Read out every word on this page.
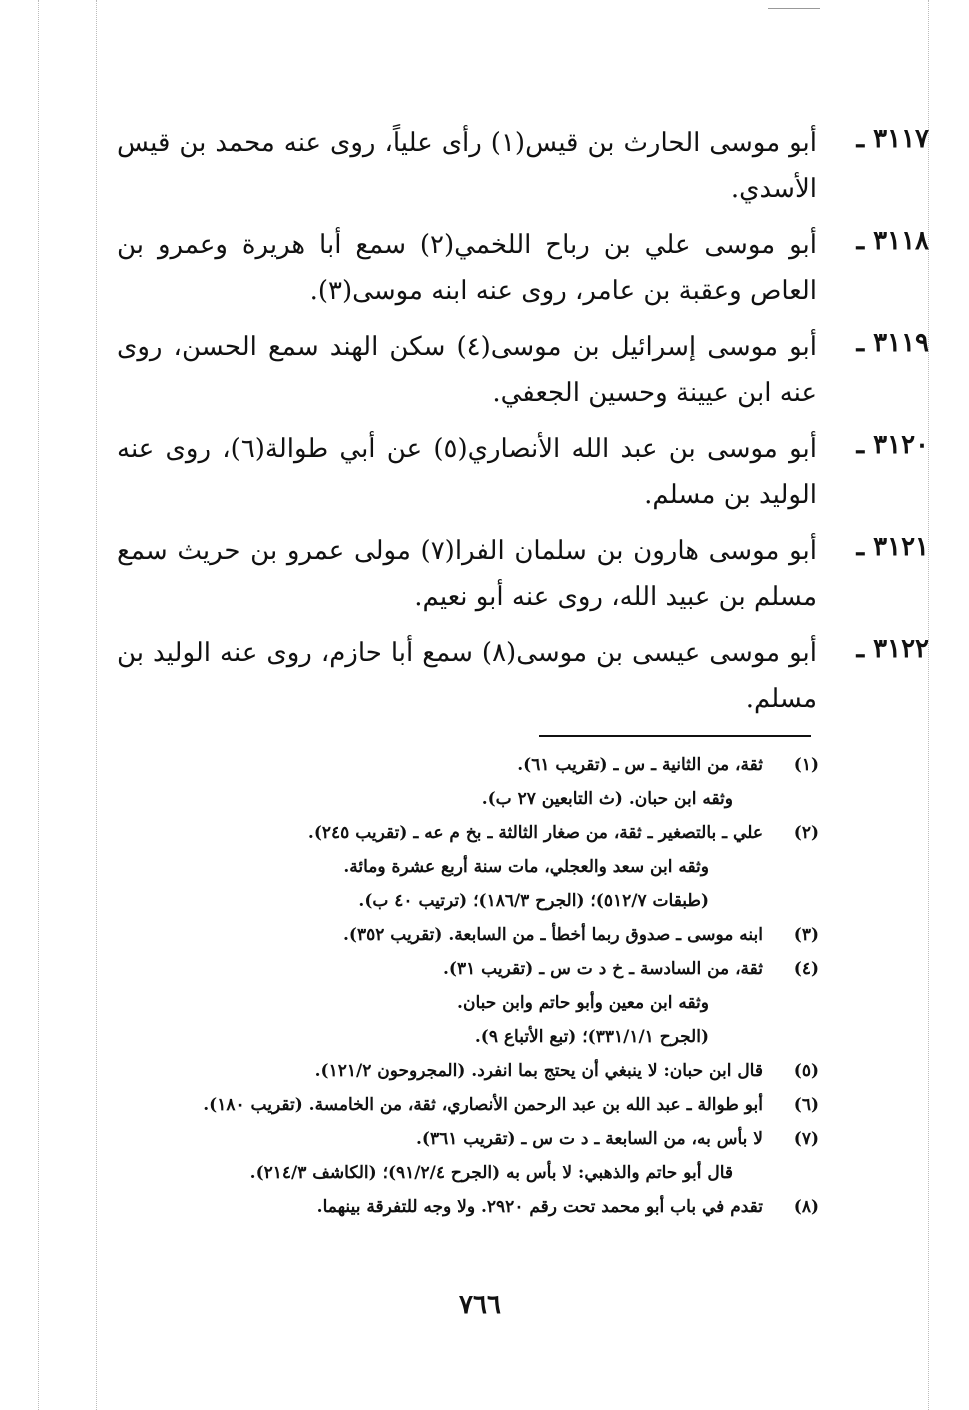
٣١١٧ ـ
أبو موسى الحارث بن قيس(١) رأى علياً، روى عنه محمد بن قيس الأسدي.
٣١١٨ ـ
أبو موسى علي بن رباح اللخمي(٢) سمع أبا هريرة وعمرو بن العاص وعقبة بن عامر، روى عنه ابنه موسى(٣).
٣١١٩ ـ
أبو موسى إسرائيل بن موسى(٤) سكن الهند سمع الحسن، روى عنه ابن عيينة وحسين الجعفي.
٣١٢٠ ـ
أبو موسى بن عبد الله الأنصاري(٥) عن أبي طوالة(٦)، روى عنه الوليد بن مسلم.
٣١٢١ ـ
أبو موسى هارون بن سلمان الفرا(٧) مولى عمرو بن حريث سمع مسلم بن عبيد الله، روى عنه أبو نعيم.
٣١٢٢ ـ
أبو موسى عيسى بن موسى(٨) سمع أبا حازم، روى عنه الوليد بن مسلم.
(١)
ثقة، من الثانية ـ س ـ (تقريب ٦١).
وثقه ابن حبان. (ث التابعين ٢٧ ب).
(٢)
علي ـ بالتصغير ـ ثقة، من صغار الثالثة ـ بخ م عه ـ (تقريب ٢٤٥).
وثقه ابن سعد والعجلي، مات سنة أربع عشرة ومائة.
(طبقات ٥١٢/٧)؛ (الجرح ١٨٦/٣)؛ (ترتيب ٤٠ ب).
(٣)
ابنه موسى ـ صدوق ربما أخطأ ـ من السابعة. (تقريب ٣٥٢).
(٤)
ثقة، من السادسة ـ خ د ت س ـ (تقريب ٣١).
وثقه ابن معين وأبو حاتم وابن حبان.
(الجرح ٣٣١/١/١)؛ (تبع الأتباع ٩).
(٥)
قال ابن حبان: لا ينبغي أن يحتج بما انفرد. (المجروحون ١٢١/٢).
(٦)
أبو طوالة ـ عبد الله بن عبد الرحمن الأنصاري، ثقة، من الخامسة. (تقريب ١٨٠).
(٧)
لا بأس به، من السابعة ـ د ت س ـ (تقريب ٣٦١).
قال أبو حاتم والذهبي: لا بأس به (الجرح ٩١/٢/٤)؛ (الكاشف ٢١٤/٣).
(٨)
تقدم في باب أبو محمد تحت رقم ٢٩٢٠. ولا وجه للتفرقة بينهما.
٧٦٦
